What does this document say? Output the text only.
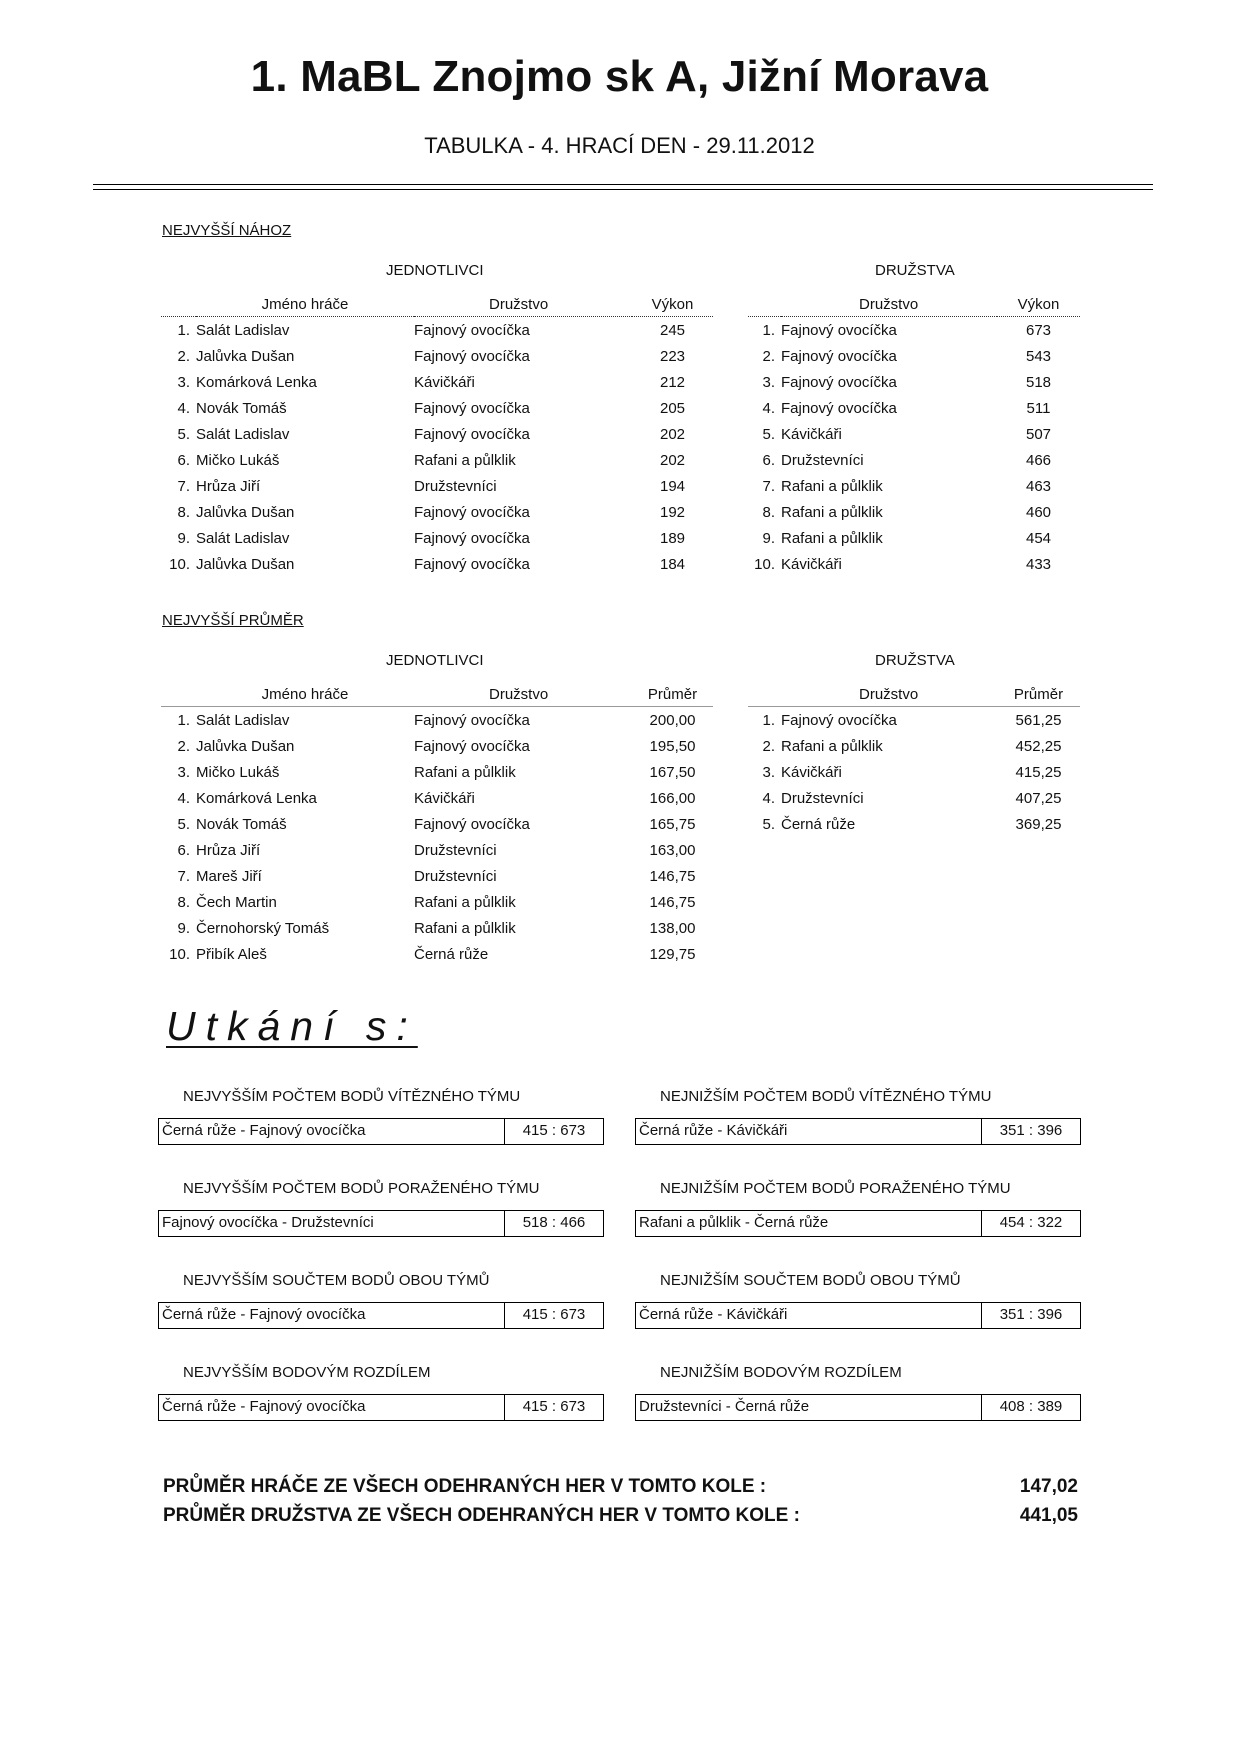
1. MaBL Znojmo sk A, Jižní Morava
TABULKA - 4. HRACÍ DEN - 29.11.2012
NEJVYŠŠÍ NÁHOZ
JEDNOTLIVCI	DRUŽSTVA
	Jméno hráče	Družstvo	Výkon
1.	Salát Ladislav	Fajnový ovocíčka	245
2.	Jalůvka Dušan	Fajnový ovocíčka	223
3.	Komárková Lenka	Kávičkáři	212
4.	Novák Tomáš	Fajnový ovocíčka	205
5.	Salát Ladislav	Fajnový ovocíčka	202
6.	Mičko Lukáš	Rafani a půlklik	202
7.	Hrůza Jiří	Družstevníci	194
8.	Jalůvka Dušan	Fajnový ovocíčka	192
9.	Salát Ladislav	Fajnový ovocíčka	189
10.	Jalůvka Dušan	Fajnový ovocíčka	184
	Družstvo	Výkon
1.	Fajnový ovocíčka	673
2.	Fajnový ovocíčka	543
3.	Fajnový ovocíčka	518
4.	Fajnový ovocíčka	511
5.	Kávičkáři	507
6.	Družstevníci	466
7.	Rafani a půlklik	463
8.	Rafani a půlklik	460
9.	Rafani a půlklik	454
10.	Kávičkáři	433
NEJVYŠŠÍ PRŮMĚR
JEDNOTLIVCI	DRUŽSTVA
	Jméno hráče	Družstvo	Průměr
1.	Salát Ladislav	Fajnový ovocíčka	200,00
2.	Jalůvka Dušan	Fajnový ovocíčka	195,50
3.	Mičko Lukáš	Rafani a půlklik	167,50
4.	Komárková Lenka	Kávičkáři	166,00
5.	Novák Tomáš	Fajnový ovocíčka	165,75
6.	Hrůza Jiří	Družstevníci	163,00
7.	Mareš Jiří	Družstevníci	146,75
8.	Čech Martin	Rafani a půlklik	146,75
9.	Černohorský Tomáš	Rafani a půlklik	138,00
10.	Přibík Aleš	Černá růže	129,75
	Družstvo	Průměr
1.	Fajnový ovocíčka	561,25
2.	Rafani a půlklik	452,25
3.	Kávičkáři	415,25
4.	Družstevníci	407,25
5.	Černá růže	369,25
Utkání s:
NEJVYŠŠÍM POČTEM BODŮ VÍTĚZNÉHO TÝMU
Černá růže - Fajnový ovocíčka	415 : 673
NEJNIŽŠÍM POČTEM BODŮ VÍTĚZNÉHO TÝMU
Černá růže - Kávičkáři	351 : 396
NEJVYŠŠÍM POČTEM BODŮ PORAŽENÉHO TÝMU
Fajnový ovocíčka - Družstevníci	518 : 466
NEJNIŽŠÍM POČTEM BODŮ PORAŽENÉHO TÝMU
Rafani a půlklik - Černá růže	454 : 322
NEJVYŠŠÍM SOUČTEM BODŮ OBOU TÝMŮ
Černá růže - Fajnový ovocíčka	415 : 673
NEJNIŽŠÍM SOUČTEM BODŮ OBOU TÝMŮ
Černá růže - Kávičkáři	351 : 396
NEJVYŠŠÍM BODOVÝM ROZDÍLEM
Černá růže - Fajnový ovocíčka	415 : 673
NEJNIŽŠÍM BODOVÝM ROZDÍLEM
Družstevníci - Černá růže	408 : 389
PRŮMĚR HRÁČE ZE VŠECH ODEHRANÝCH HER V TOMTO KOLE :	147,02
PRŮMĚR DRUŽSTVA ZE VŠECH ODEHRANÝCH HER V TOMTO KOLE :	441,05
